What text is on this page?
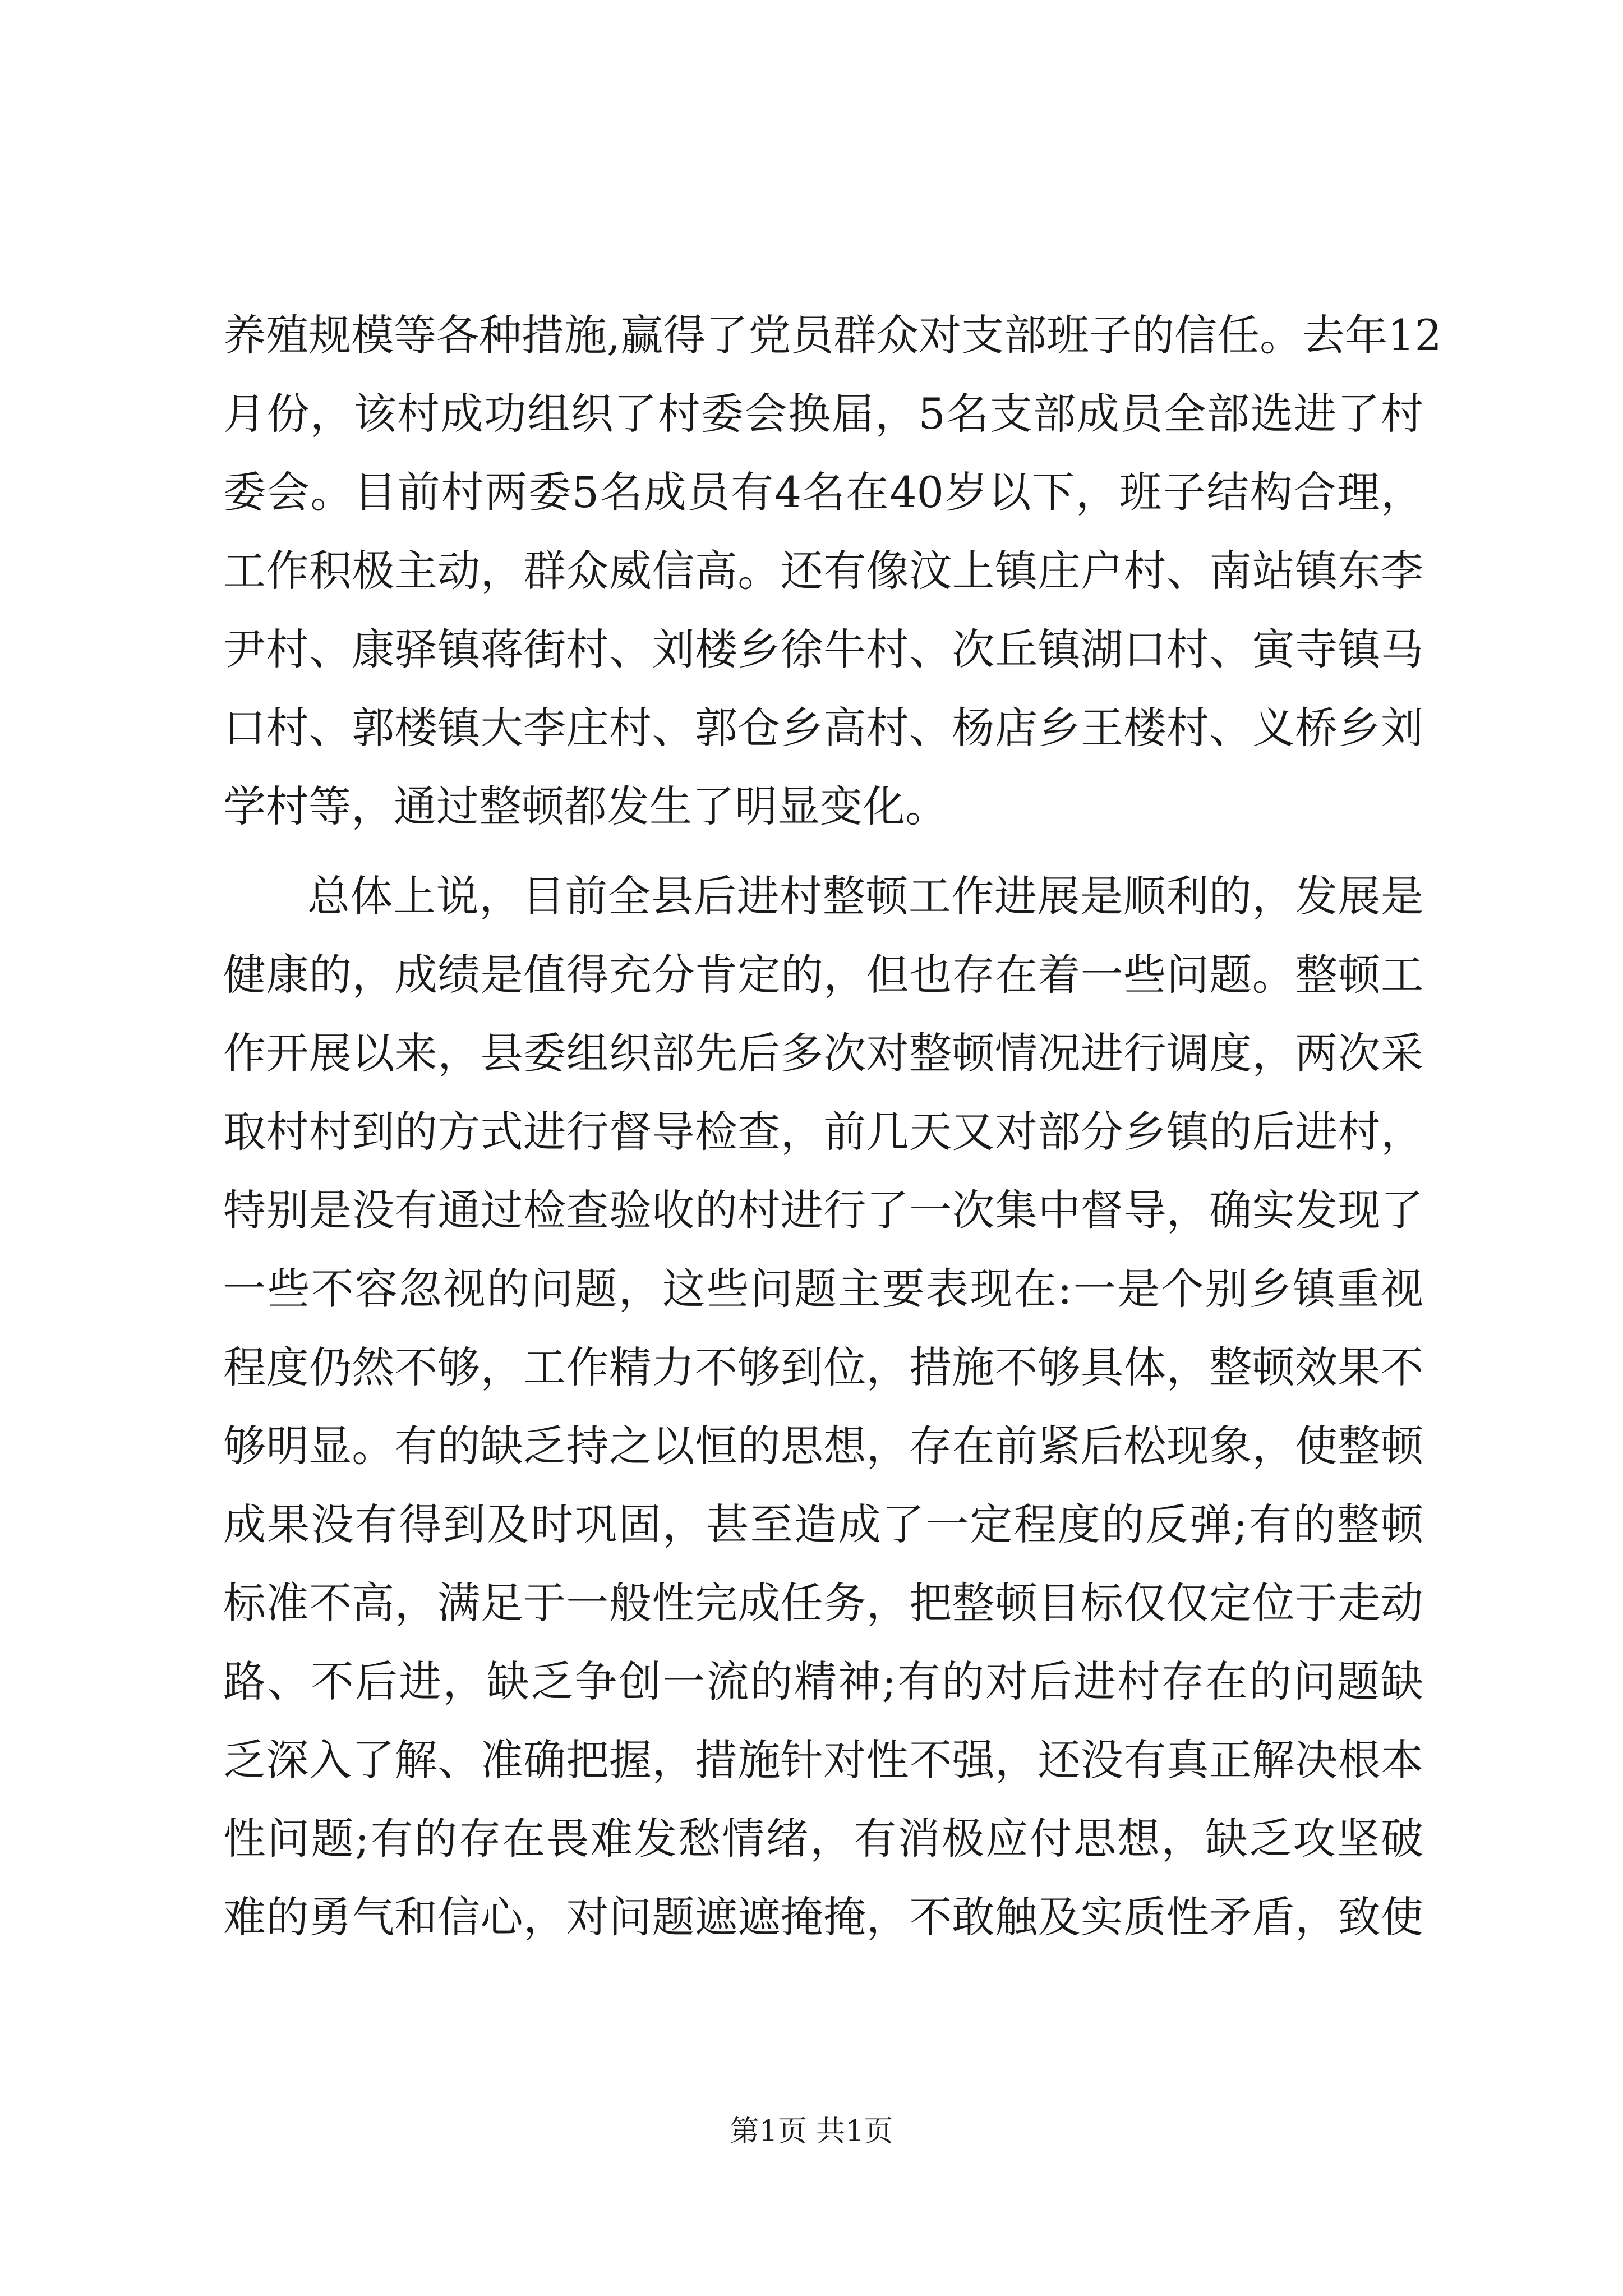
养殖规模等各种措施,赢得了党员群众对支部班子的信任。去年12
月份，该村成功组织了村委会换届，5名支部成员全部选进了村
委会。目前村两委5名成员有4名在40岁以下，班子结构合理，
工作积极主动，群众威信高。还有像汶上镇庄户村、南站镇东李
尹村、康驿镇蒋街村、刘楼乡徐牛村、次丘镇湖口村、寅寺镇马
口村、郭楼镇大李庄村、郭仓乡高村、杨店乡王楼村、义桥乡刘
学村等，通过整顿都发生了明显变化。
总体上说，目前全县后进村整顿工作进展是顺利的，发展是
健康的，成绩是值得充分肯定的，但也存在着一些问题。整顿工
作开展以来，县委组织部先后多次对整顿情况进行调度，两次采
取村村到的方式进行督导检查，前几天又对部分乡镇的后进村，
特别是没有通过检查验收的村进行了一次集中督导，确实发现了
一些不容忽视的问题，这些问题主要表现在:一是个别乡镇重视
程度仍然不够，工作精力不够到位，措施不够具体，整顿效果不
够明显。有的缺乏持之以恒的思想，存在前紧后松现象，使整顿
成果没有得到及时巩固，甚至造成了一定程度的反弹;有的整顿
标准不高，满足于一般性完成任务，把整顿目标仅仅定位于走动
路、不后进，缺乏争创一流的精神;有的对后进村存在的问题缺
乏深入了解、准确把握，措施针对性不强，还没有真正解决根本
性问题;有的存在畏难发愁情绪，有消极应付思想，缺乏攻坚破
难的勇气和信心，对问题遮遮掩掩，不敢触及实质性矛盾，致使
第1页 共1页
